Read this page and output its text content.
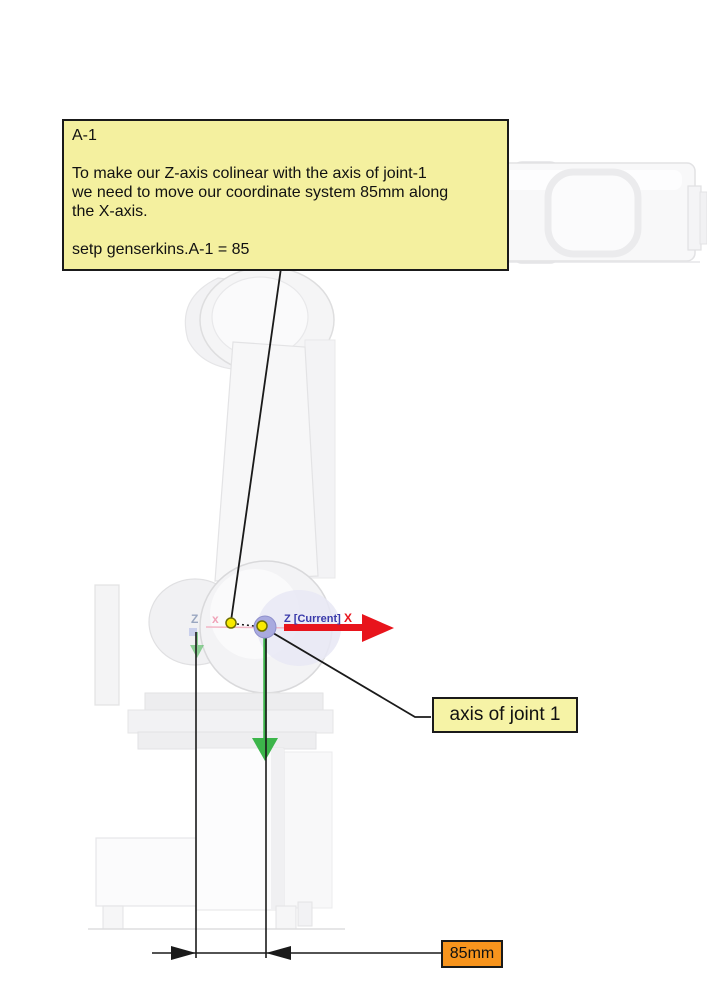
A-1
To make our Z-axis colinear with the axis of joint-1
we need to move our coordinate system 85mm along
the X-axis.
setp genserkins.A-1 = 85
axis of joint 1
85mm
Z x	Z [Current] X
